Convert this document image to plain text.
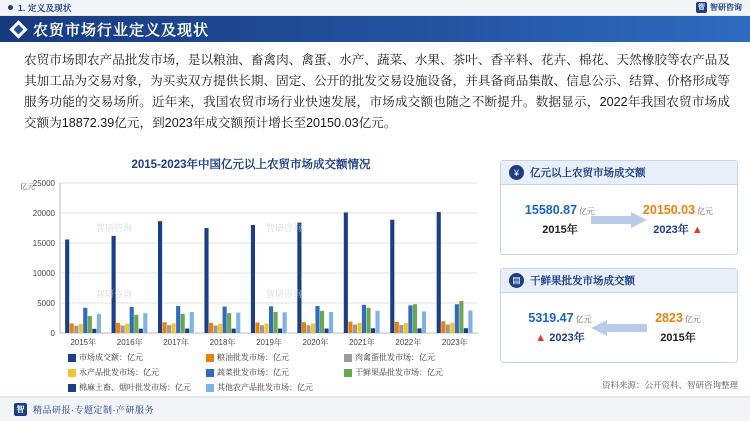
1. 定义及现状	智 智研咨询
农贸市场行业定义及现状
农贸市场即农产品批发市场，是以粮油、畜禽肉、禽蛋、水产、蔬菜、水果、茶叶、香辛料、花卉、棉花、天然橡胶等农产品及其加工品为交易对象，为买卖双方提供长期、固定、公开的批发交易设施设备，并具备商品集散、信息公示、结算、价格形成等服务功能的交易场所。近年来，我国农贸市场行业快速发展，市场成交额也随之不断提升。数据显示，2022年我国农贸市场成交额为18872.39亿元，到2023年成交额预计增长至20150.03亿元。
2015-2023年中国亿元以上农贸市场成交额情况
0
5000
10000
15000
20000
25000
亿元
2015年	2016年	2017年	2018年	2019年	2020年	2021年	2022年	2023年
智研咨询	智研咨询
智研咨询	智研咨询
市场成交额：亿元	粮油批发市场：亿元	肉禽蛋批发市场：亿元
水产品批发市场：亿元	蔬菜批发市场：亿元	干鲜果品批发市场：亿元
棉麻土畜、烟叶批发市场：亿元	其他农产品批发市场：亿元
¥	亿元以上农贸市场成交额
15580.87 亿元
2015年
20150.03 亿元
2023年 ▲
▤ 干鲜果批发市场成交额
5319.47 亿元
▲ 2023年
2823 亿元
2015年
资料来源：公开资料、智研咨询整理
智 精品研报·专题定制·产研服务
